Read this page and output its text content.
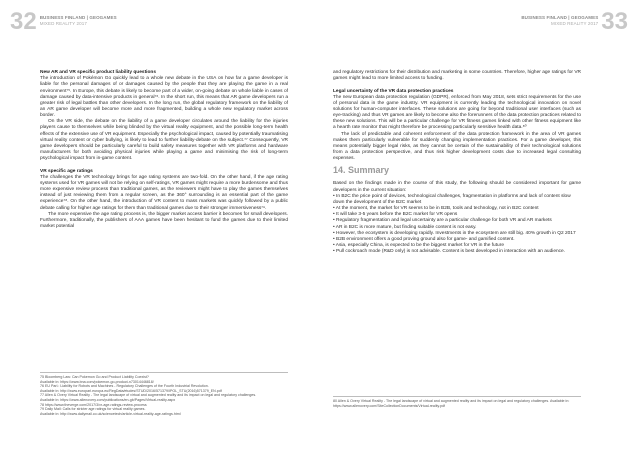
32 BUSINESS FINLAND | GEOGAMES
MIXED REALITY 2017
New AR and VR specific product liability questions

The introduction of Pokémon Go quickly lead to a whole new debate in the USA on how far a game developer is liable for the personal damages of or damages caused by the people that they are playing the game in a real environment⁷⁵. In Europe, this debate is likely to become part of a wider, on-going debate on whole liable in cases of damage caused by data-intensive products in general⁷⁶. In the short run, this means that AR game developers run a greater risk of legal battles than other developers. In the long run, the global regulatory framework on the liability of an AR game developer will become more and more fragmented, building a whole new regulatory market across border.

On the VR side, the debate on the liability of a game developer circulates around the liability for the injuries players cause to themselves while being blinded by the virtual reality equipment, and the possible long-term health effects of the extensive use of VR equipment. Especially the psychological impact, caused by potentially traumatising virtual reality content or cyber bullying, is likely to lead to further liability-debate on the subject.⁷⁷ Consequently, VR game developers should be particularly careful to build safety measures together with VR platforms and hardware manufacturers for both avoiding physical injuries while playing a game and minimising the risk of long-term psychological impact from in-game content.

VR specific age ratings

The challenges the VR technology brings for age rating systems are two-fold. On the other hand, if the age rating systems used for VR games will not be relying on self-ratings, VR games might require a more burdensome and thus more expensive review process than traditional games, as the reviewers might have to play the games themselves instead of just reviewing them from a regular screen, as the 360° surrounding is an essential part of the game experience⁷⁸. On the other hand, the introduction of VR content to mass markets was quickly followed by a public debate calling for higher age ratings for them than traditional games due to their stronger immersiveness⁷⁹.

The more expensive the age rating process is, the bigger market access barrier it becomes for small developers. Furthermore, traditionally, the publishers of AAA games have been hesitant to fund the games due to their limited market potential

75 Bloomberg Law: Can Pokemon Go and Product Liability Coexist?
Available in: https://www.bna.com/pokemon-go-product-n73014446818/
76 EU Parl.: Liability for Robots and Machines - Regulatory Challenges of the Fourth Industrial Revolution.
Available in: http://www.europarl.europa.eu/RegData/etudes/STUD/2016/571379/IPOL_STU(2016)571379_EN.pdf
77 Allen & Overy Virtual Reality - The legal landscape of virtual and augmented reality and its impact on legal and regulatory challenges.
Available in: https://www.allenovery.com/publications/en-gb/Pages/Virtual-reality.aspx
78 https://www.theverge.com/2017/3/vr-age-ratings-review-process
79 Daily Mail: Calls for stricter age ratings for virtual reality games.
Available in: http://www.dailymail.co.uk/sciencetech/article-virtual-reality-age-ratings.html
33
BUSINESS FINLAND | GEOGAMES
MIXED REALITY 2017

and regulatory restrictions for their distribution and marketing in some countries. Therefore, higher age ratings for VR games might lead to more limited access to funding.

Legal uncertainty of the VR data protection practices

The new European data protection regulation (GDPR), enforced from May 2018, sets strict requirements for the use of personal data in the game industry. VR equipment is currently leading the technological innovation on novel solutions for human-computer interfaces. These solutions are going for beyond traditional user interfaces (such as eye-tracking) and thus VR games are likely to become also the forerunners of the data protection practices related to these new solutions. This will be a particular challenge for VR fitness games linked with other fitness equipment like a hearth rate monitor that might therefore be processing particularly sensitive health data.⁸⁰

The lack of predictable and coherent enforcement of the data protection framework in the area of VR games makes them particularly vulnerable for suddenly changing implementation practices. For a game developer, this means potentially bigger legal risks, as they cannot be certain of the sustainability of their technological solutions from a data protection perspective, and thus risk higher development costs due to increased legal consulting expenses.

14. Summary

Based on the findings made in the course of this study, the following should be considered important for game developers in the current situation:

• In B2C the price point of devices, technological challenges, fragmentation in platforms and lack of content slow down the development of the B2C market
• At the moment, the market for VR seems to be in B2B, tools and technology, not in B2C content
• It will take 3-5 years before the B2C market for VR opens
• Regulatory fragmentation and legal uncertainty are a particular challenge for both VR and AR markets
• AR in B2C is more mature, but finding suitable content is not easy.
• However, the ecosystem is developing rapidly. Investments in the ecosystem are still big. 40% growth in Q2 2017
• B2B environment offers a good proving ground also for game- and gamified content.
• Asia, especially China, is expected to be the biggest market for VR in the future
• Pull cockroach mode (R&D only) is not advisable. Content is best developed in interaction with an audience.
80 Allen & Overy Virtual Reality - The legal landscape of virtual and augmented reality and its impact on legal and regulatory challenges. Available in: https://www.allenovery.com/SiteCollectionDocuments/Virtual-reality.pdf
